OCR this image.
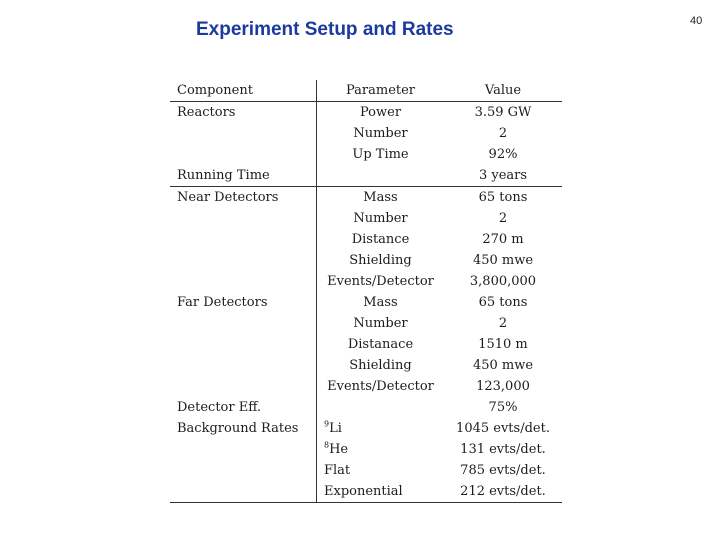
Experiment Setup and Rates	40
Component	Parameter	Value
Reactors	Power	3.59 GW
	Number	2
	Up Time	92%
Running Time		3 years
Near Detectors	Mass	65 tons
	Number	2
	Distance	270 m
	Shielding	450 mwe
	Events/Detector	3,800,000
Far Detectors	Mass	65 tons
	Number	2
	Distanace	1510 m
	Shielding	450 mwe
	Events/Detector	123,000
Detector Eff.		75%
Background Rates	$^9$Li	1045 evts/det.
	$^8$He	131 evts/det.
	Flat	785 evts/det.
	Exponential	212 evts/det.
